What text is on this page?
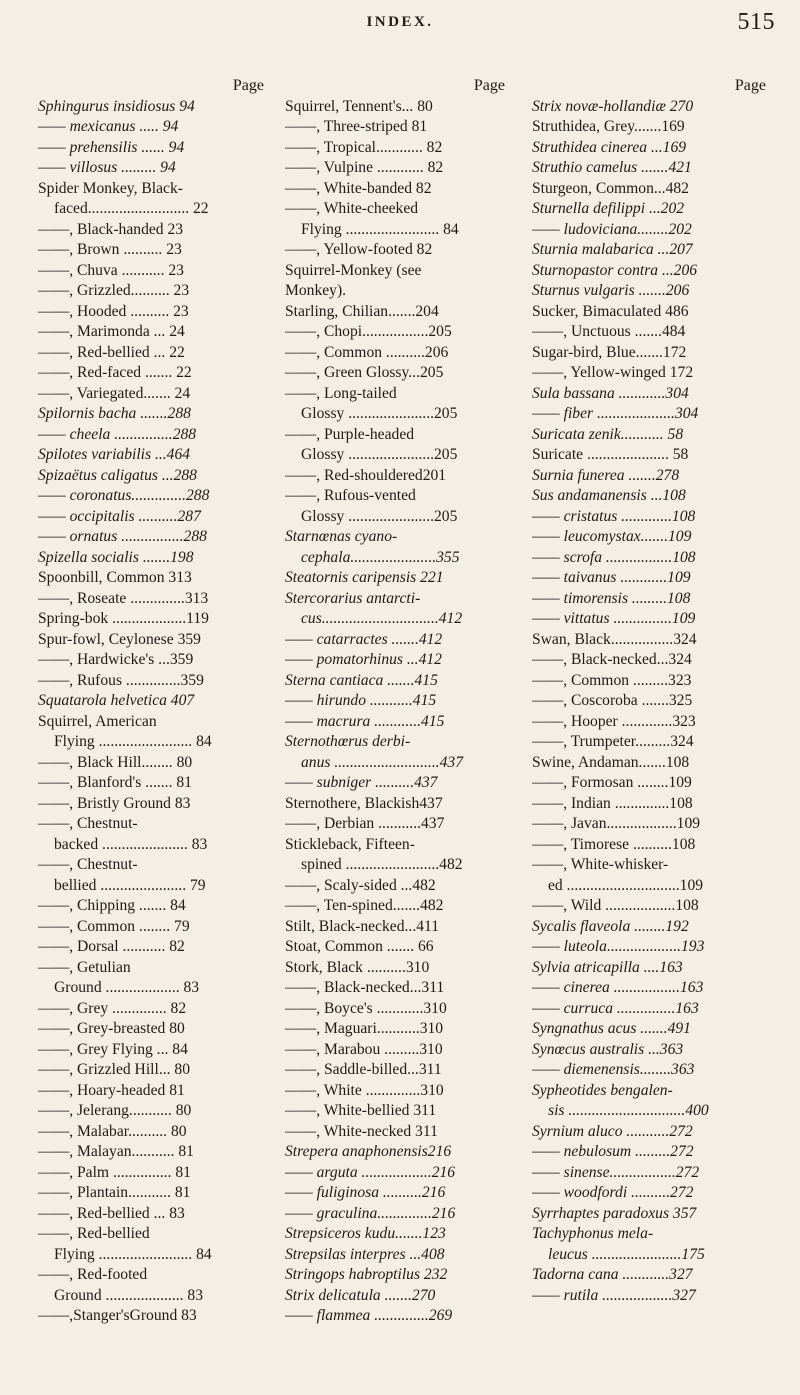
INDEX.	515
Page
Sphingurus insidiosus 94
—— mexicanus ..... 94
—— prehensilis ...... 94
—— villosus ......... 94
Spider Monkey, Black-
faced.......................... 22
——, Black-handed 23
——, Brown .......... 23
——, Chuva ........... 23
——, Grizzled.......... 23
——, Hooded .......... 23
——, Marimonda ... 24
——, Red-bellied ... 22
——, Red-faced ....... 22
——, Variegated....... 24
Spilornis bacha .......288
—— cheela ...............288
Spilotes variabilis ...464
Spizaëtus caligatus ...288
—— coronatus..............288
—— occipitalis ..........287
—— ornatus ................288
Spizella socialis .......198
Spoonbill, Common 313
——, Roseate ..............313
Spring-bok ...................119
Spur-fowl, Ceylonese 359
——, Hardwicke's ...359
——, Rufous ..............359
Squatarola helvetica 407
Squirrel, American
Flying ........................ 84
——, Black Hill........ 80
——, Blanford's ....... 81
——, Bristly Ground 83
——, Chestnut-
backed ...................... 83
——, Chestnut-
bellied ...................... 79
——, Chipping ....... 84
——, Common ........ 79
——, Dorsal ........... 82
——, Getulian
Ground ................... 83
——, Grey .............. 82
——, Grey-breasted 80
——, Grey Flying ... 84
——, Grizzled Hill... 80
——, Hoary-headed 81
——, Jelerang........... 80
——, Malabar.......... 80
——, Malayan........... 81
——, Palm ............... 81
——, Plantain........... 81
——, Red-bellied ... 83
——, Red-bellied
Flying ........................ 84
——, Red-footed
Ground .................... 83
——,Stanger'sGround 83
Page
Squirrel, Tennent's... 80
——, Three-striped 81
——, Tropical............ 82
——, Vulpine ............ 82
——, White-banded 82
——, White-cheeked
Flying ........................ 84
——, Yellow-footed 82
Squirrel-Monkey (see
Monkey).
Starling, Chilian.......204
——, Chopi.................205
——, Common ..........206
——, Green Glossy...205
——, Long-tailed
Glossy ......................205
——, Purple-headed
Glossy ......................205
——, Red-shouldered201
——, Rufous-vented
Glossy ......................205
Starnœnas cyano-
cephala......................355
Steatornis caripensis 221
Stercorarius antarcti-
cus..............................412
—— catarractes .......412
—— pomatorhinus ...412
Sterna cantiaca .......415
—— hirundo ...........415
—— macrura ............415
Sternothœrus derbi-
anus ...........................437
—— subniger ..........437
Sternothere, Blackish437
——, Derbian ...........437
Stickleback, Fifteen-
spined ........................482
——, Scaly-sided ...482
——, Ten-spined.......482
Stilt, Black-necked...411
Stoat, Common ....... 66
Stork, Black ..........310
——, Black-necked...311
——, Boyce's ............310
——, Maguari...........310
——, Marabou .........310
——, Saddle-billed...311
——, White ..............310
——, White-bellied 311
——, White-necked 311
Strepera anaphonensis216
—— arguta ..................216
—— fuliginosa ..........216
—— graculina..............216
Strepsiceros kudu.......123
Strepsilas interpres ...408
Stringops habroptilus 232
Strix delicatula .......270
—— flammea ..............269
Page
Strix novæ-hollandiæ 270
Struthidea, Grey.......169
Struthidea cinerea ...169
Struthio camelus .......421
Sturgeon, Common...482
Sturnella defilippi ...202
—— ludoviciana........202
Sturnia malabarica ...207
Sturnopastor contra ...206
Sturnus vulgaris .......206
Sucker, Bimaculated 486
——, Unctuous .......484
Sugar-bird, Blue.......172
——, Yellow-winged 172
Sula bassana ............304
—— fiber ....................304
Suricata zenik........... 58
Suricate ..................... 58
Surnia funerea .......278
Sus andamanensis ...108
—— cristatus .............108
—— leucomystax.......109
—— scrofa .................108
—— taivanus ............109
—— timorensis .........108
—— vittatus ...............109
Swan, Black................324
——, Black-necked...324
——, Common .........323
——, Coscoroba .......325
——, Hooper .............323
——, Trumpeter.........324
Swine, Andaman.......108
——, Formosan ........109
——, Indian ..............108
——, Javan..................109
——, Timorese ..........108
——, White-whisker-
ed .............................109
——, Wild ..................108
Sycalis flaveola ........192
—— luteola...................193
Sylvia atricapilla ....163
—— cinerea .................163
—— curruca ...............163
Syngnathus acus .......491
Synœcus australis ...363
—— diemenensis........363
Sypheotides bengalen-
sis ..............................400
Syrnium aluco ...........272
—— nebulosum .........272
—— sinense.................272
—— woodfordi ..........272
Syrrhaptes paradoxus 357
Tachyphonus mela-
leucus .......................175
Tadorna cana ............327
—— rutila ..................327
